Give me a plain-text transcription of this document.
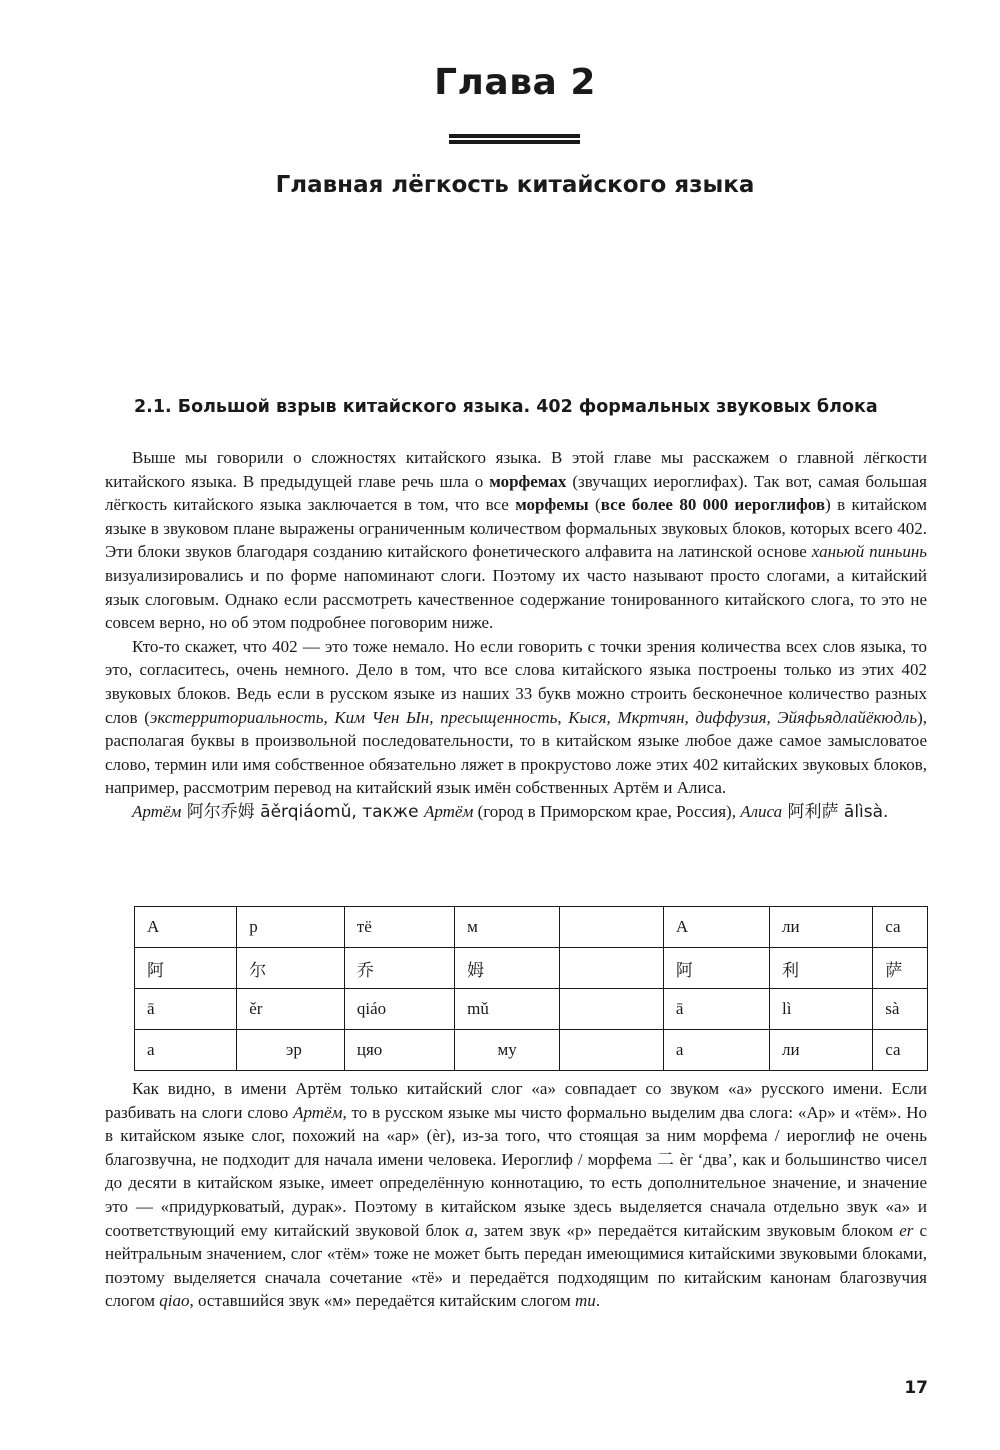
Глава 2
Главная лёгкость китайского языка
2.1. Большой взрыв китайского языка. 402 формальных звуковых блока

Выше мы говорили о сложностях китайского языка. В этой главе мы расскажем о главной лёгкости китайского языка. В предыдущей главе речь шла о морфемах (звучащих иероглифах). Так вот, самая большая лёгкость китайского языка заключается в том, что все морфемы (все более 80 000 иероглифов) в китайском языке в звуковом плане выражены ограниченным количеством формальных звуковых блоков, которых всего 402. Эти блоки звуков благодаря созданию китайского фонетического алфавита на латинской основе ханьюй пиньинь визуализировались и по форме напоминают слоги. Поэтому их часто называют просто слогами, а китайский язык слоговым. Однако если рассмотреть качественное содержание тонированного китайского слога, то это не совсем верно, но об этом подробнее поговорим ниже.

Кто-то скажет, что 402 — это тоже немало. Но если говорить с точки зрения количества всех слов языка, то это, согласитесь, очень немного. Дело в том, что все слова китайского языка построены только из этих 402 звуковых блоков. Ведь если в русском языке из наших 33 букв можно строить бесконечное количество разных слов (экстерриториальность, Ким Чен Ын, пресыщенность, Кыся, Мкртчян, диффузия, Эйяфьядлайёкюдль), располагая буквы в произвольной последовательности, то в китайском языке любое даже самое замысловатое слово, термин или имя собственное обязательно ляжет в прокрустово ложе этих 402 китайских звуковых блоков, например, рассмотрим перевод на китайский язык имён собственных Артём и Алиса.

Артём 阿尔乔姆 āěrqiáomǔ, также Артём (город в Приморском крае, Россия), Алиса 阿利萨 ālìsà.

А	р	тё	м		А	ли	са
阿	尔	乔	姆		阿	利	萨
ā	ěr	qiáo	mǔ		ā	lì	sà
а	эр	цяо	му		а	ли	са

Как видно, в имени Артём только китайский слог «а» совпадает со звуком «а» русского имени. Если разбивать на слоги слово Артём, то в русском языке мы чисто формально выделим два слога: «Ар» и «тём». Но в китайском языке слог, похожий на «ар» (èr), из-за того, что стоящая за ним морфема / иероглиф не очень благозвучна, не подходит для начала имени человека. Иероглиф / морфема 二 èr ‘два’, как и большинство чисел до десяти в китайском языке, имеет определённую коннотацию, то есть дополнительное значение, и значение это — «придурковатый, дурак». Поэтому в китайском языке здесь выделяется сначала отдельно звук «а» и соответствующий ему китайский звуковой блок a, затем звук «р» передаётся китайским звуковым блоком er с нейтральным значением, слог «тём» тоже не может быть передан имеющимися китайскими звуковыми блоками, поэтому выделяется сначала сочетание «тё» и передаётся подходящим по китайским канонам благозвучия слогом qiao, оставшийся звук «м» передаётся китайским слогом mu.

17
